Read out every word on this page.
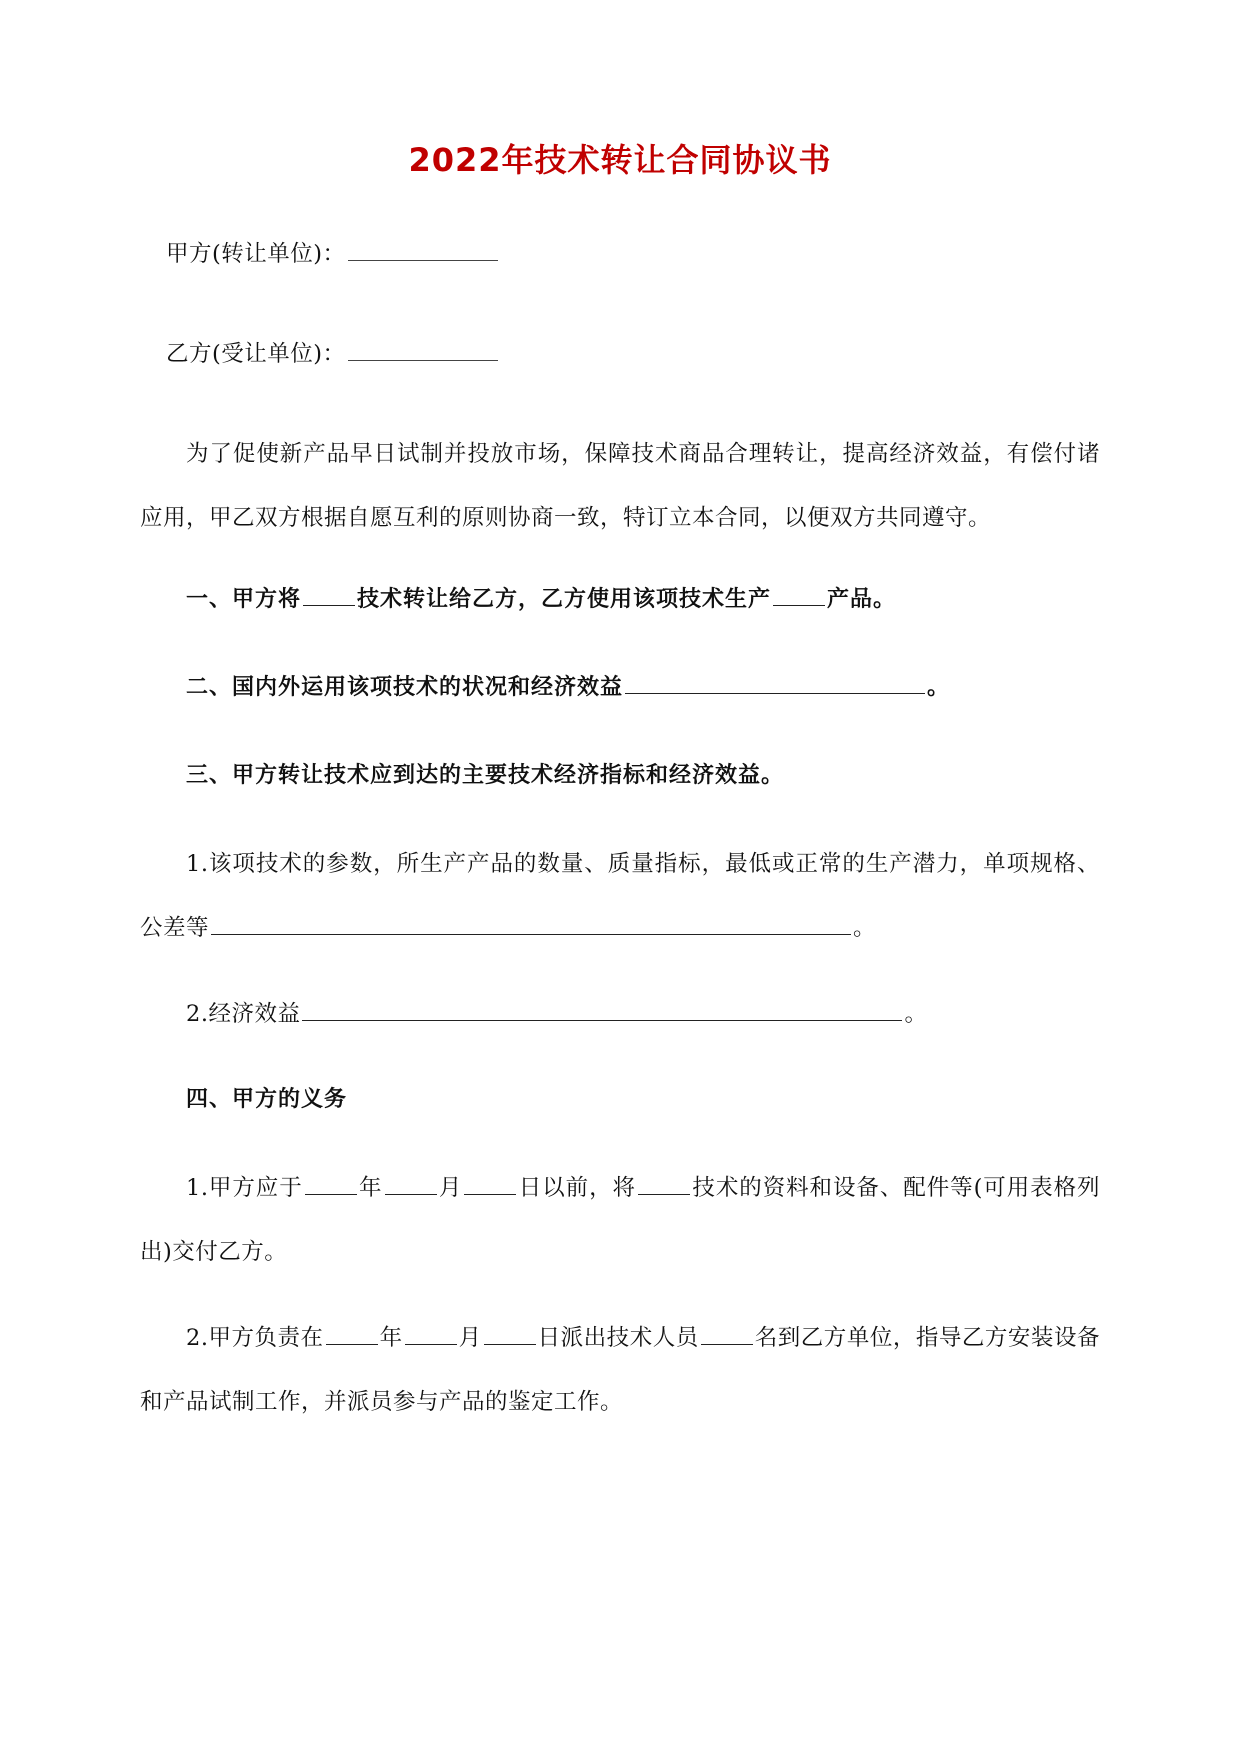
2022年技术转让合同协议书

甲方(转让单位)：

乙方(受让单位)：

为了促使新产品早日试制并投放市场，保障技术商品合理转让，提高经济效益，有偿付诸应用，甲乙双方根据自愿互利的原则协商一致，特订立本合同，以便双方共同遵守。

一、甲方将	技术转让给乙方，乙方使用该项技术生产	产品。

二、国内外运用该项技术的状况和经济效益	。

三、甲方转让技术应到达的主要技术经济指标和经济效益。

1.该项技术的参数，所生产产品的数量、质量指标，最低或正常的生产潜力，单项规格、公差等	。

2.经济效益	。

四、甲方的义务

1.甲方应于 年 月 日以前，将 技术的资料和设备、配件等(可用表格列出)交付乙方。

2.甲方负责在 年 月 日派出技术人员 名到乙方单位，指导乙方安装设备和产品试制工作，并派员参与产品的鉴定工作。
